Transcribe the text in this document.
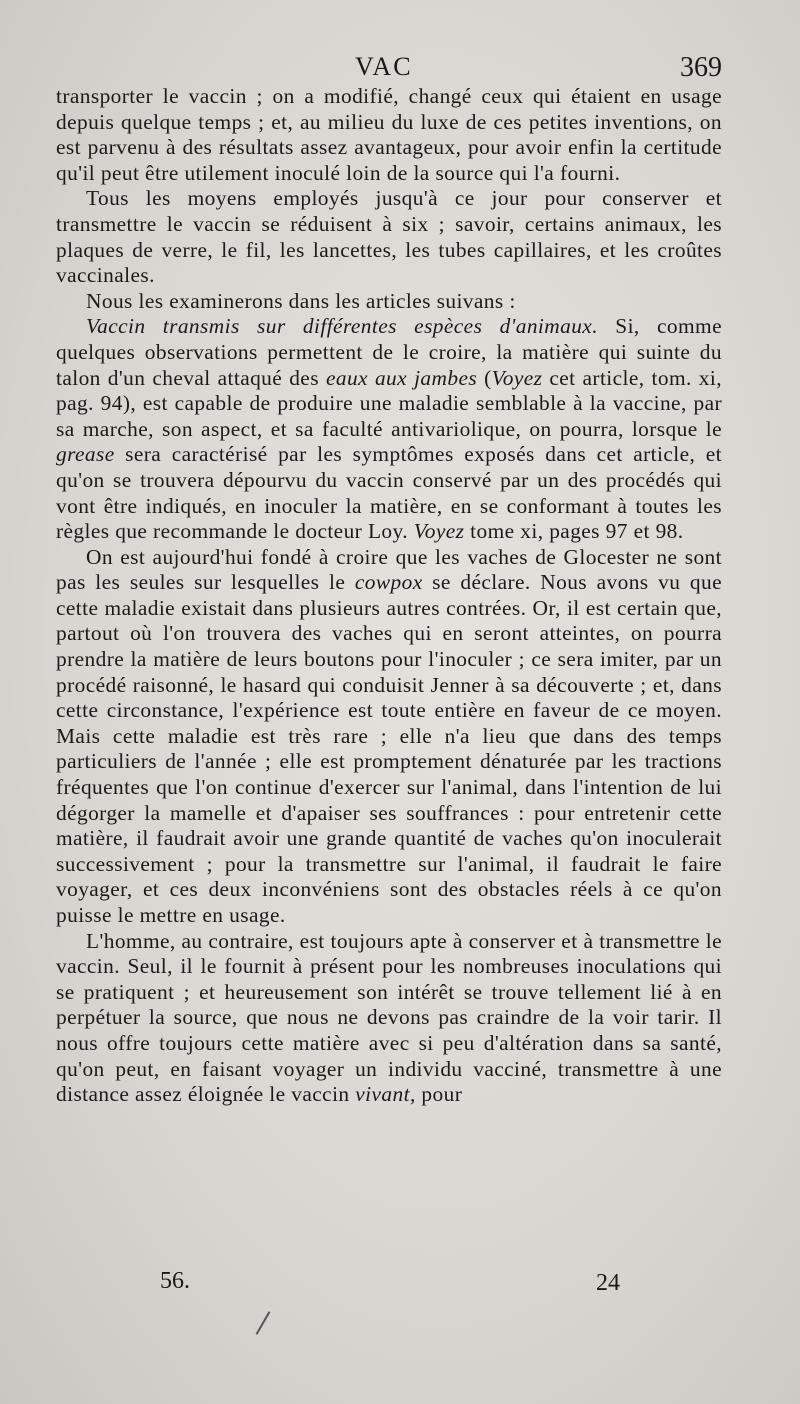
VAC	369

transporter le vaccin ; on a modifié, changé ceux qui étaient en usage depuis quelque temps ; et, au milieu du luxe de ces petites inventions, on est parvenu à des résultats assez avantageux, pour avoir enfin la certitude qu'il peut être utilement inoculé loin de la source qui l'a fourni.

Tous les moyens employés jusqu'à ce jour pour conserver et transmettre le vaccin se réduisent à six ; savoir, certains animaux, les plaques de verre, le fil, les lancettes, les tubes capillaires, et les croûtes vaccinales.

Nous les examinerons dans les articles suivans :

Vaccin transmis sur différentes espèces d'animaux. Si, comme quelques observations permettent de le croire, la matière qui suinte du talon d'un cheval attaqué des eaux aux jambes (Voyez cet article, tom. xi, pag. 94), est capable de produire une maladie semblable à la vaccine, par sa marche, son aspect, et sa faculté antivariolique, on pourra, lorsque le grease sera caractérisé par les symptômes exposés dans cet article, et qu'on se trouvera dépourvu du vaccin conservé par un des procédés qui vont être indiqués, en inoculer la matière, en se conformant à toutes les règles que recommande le docteur Loy. Voyez tome xi, pages 97 et 98.

On est aujourd'hui fondé à croire que les vaches de Glocester ne sont pas les seules sur lesquelles le cowpox se déclare. Nous avons vu que cette maladie existait dans plusieurs autres contrées. Or, il est certain que, partout où l'on trouvera des vaches qui en seront atteintes, on pourra prendre la matière de leurs boutons pour l'inoculer ; ce sera imiter, par un procédé raisonné, le hasard qui conduisit Jenner à sa découverte ; et, dans cette circonstance, l'expérience est toute entière en faveur de ce moyen. Mais cette maladie est très rare ; elle n'a lieu que dans des temps particuliers de l'année ; elle est promptement dénaturée par les tractions fréquentes que l'on continue d'exercer sur l'animal, dans l'intention de lui dégorger la mamelle et d'apaiser ses souffrances : pour entretenir cette matière, il faudrait avoir une grande quantité de vaches qu'on inoculerait successivement ; pour la transmettre sur l'animal, il faudrait le faire voyager, et ces deux inconvéniens sont des obstacles réels à ce qu'on puisse le mettre en usage.

L'homme, au contraire, est toujours apte à conserver et à transmettre le vaccin. Seul, il le fournit à présent pour les nombreuses inoculations qui se pratiquent ; et heureusement son intérêt se trouve tellement lié à en perpétuer la source, que nous ne devons pas craindre de la voir tarir. Il nous offre toujours cette matière avec si peu d'altération dans sa santé, qu'on peut, en faisant voyager un individu vacciné, transmettre à une distance assez éloignée le vaccin vivant, pour

56.	24
